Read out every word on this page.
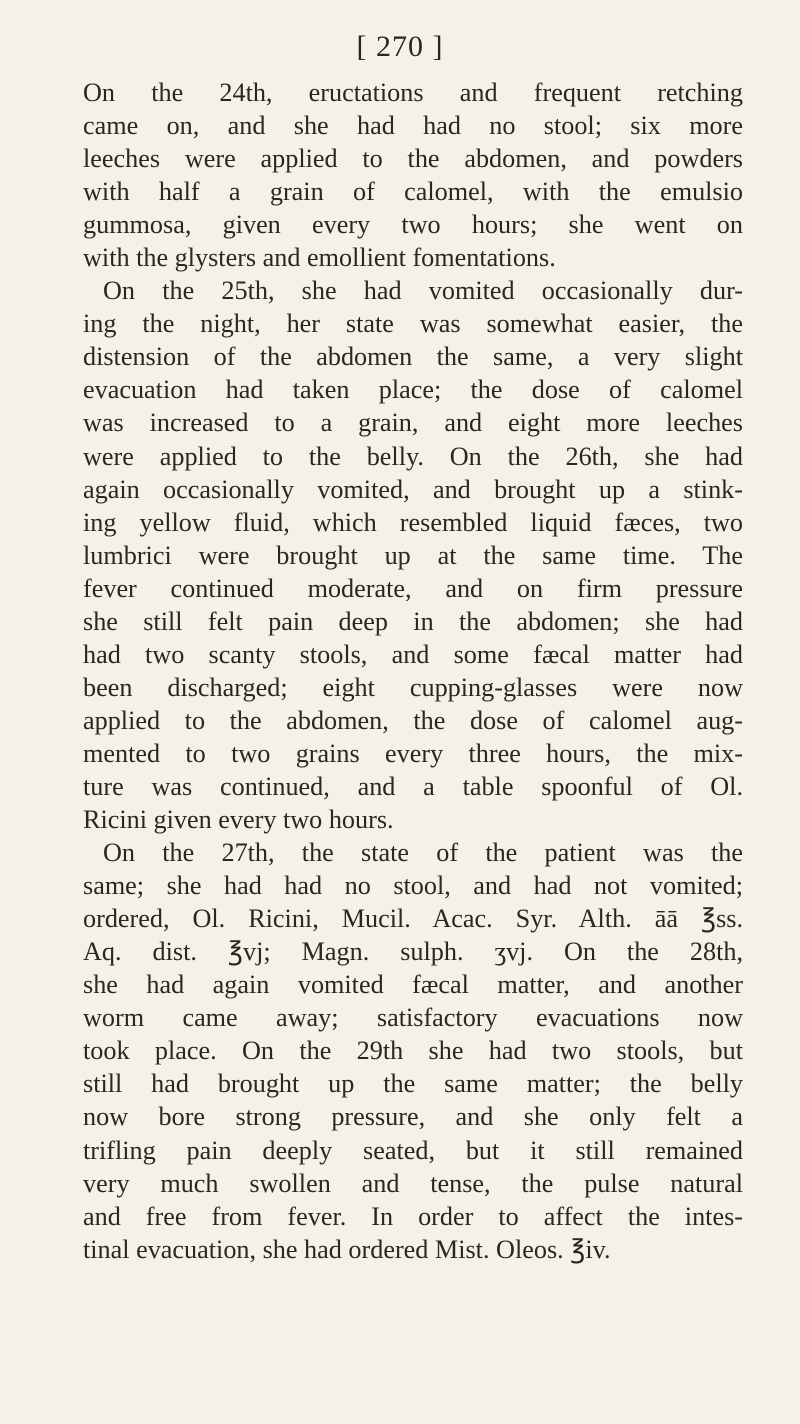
[ 270 ]
On the 24th, eructations and frequent retching
came on, and she had had no stool; six more
leeches were applied to the abdomen, and powders
with half a grain of calomel, with the emulsio
gummosa, given every two hours; she went on
with the glysters and emollient fomentations.
On the 25th, she had vomited occasionally dur-
ing the night, her state was somewhat easier, the
distension of the abdomen the same, a very slight
evacuation had taken place; the dose of calomel
was increased to a grain, and eight more leeches
were applied to the belly. On the 26th, she had
again occasionally vomited, and brought up a stink-
ing yellow fluid, which resembled liquid fæces, two
lumbrici were brought up at the same time. The
fever continued moderate, and on firm pressure
she still felt pain deep in the abdomen; she had
had two scanty stools, and some fæcal matter had
been discharged; eight cupping-glasses were now
applied to the abdomen, the dose of calomel aug-
mented to two grains every three hours, the mix-
ture was continued, and a table spoonful of Ol.
Ricini given every two hours.
On the 27th, the state of the patient was the
same; she had had no stool, and had not vomited;
ordered, Ol. Ricini, Mucil. Acac. Syr. Alth. āā ℥ss.
Aq. dist. ℥vj; Magn. sulph. ʒvj. On the 28th,
she had again vomited fæcal matter, and another
worm came away; satisfactory evacuations now
took place. On the 29th she had two stools, but
still had brought up the same matter; the belly
now bore strong pressure, and she only felt a
trifling pain deeply seated, but it still remained
very much swollen and tense, the pulse natural
and free from fever. In order to affect the intes-
tinal evacuation, she had ordered Mist. Oleos. ℥iv.
